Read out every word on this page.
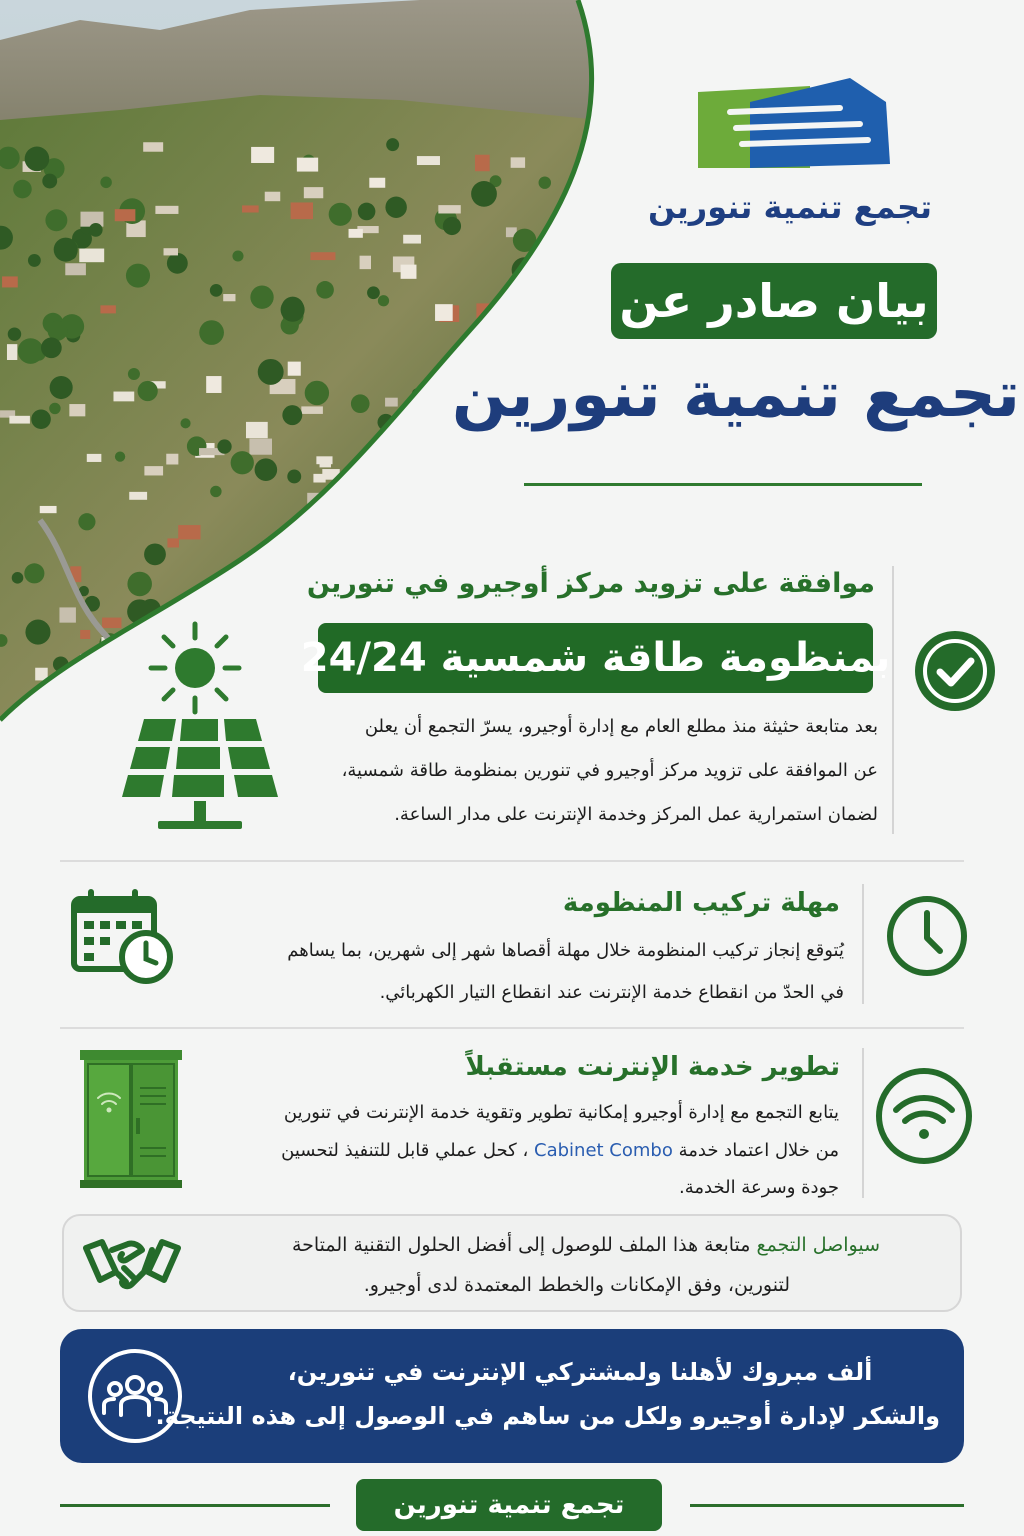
تجمع تنمية تنورين
بيان صادر عن
تجمع تنمية تنورين
موافقة على تزويد مركز أوجيرو في تنورين
بمنظومة طاقة شمسية 24/24
بعد متابعة حثيثة منذ مطلع العام مع إدارة أوجيرو، يسرّ التجمع أن يعلن
عن الموافقة على تزويد مركز أوجيرو في تنورين بمنظومة طاقة شمسية،
لضمان استمرارية عمل المركز وخدمة الإنترنت على مدار الساعة.
مهلة تركيب المنظومة
يُتوقع إنجاز تركيب المنظومة خلال مهلة أقصاها شهر إلى شهرين، بما يساهم
في الحدّ من انقطاع خدمة الإنترنت عند انقطاع التيار الكهربائي.
تطوير خدمة الإنترنت مستقبلاً
يتابع التجمع مع إدارة أوجيرو إمكانية تطوير وتقوية خدمة الإنترنت في تنورين
من خلال اعتماد خدمة Cabinet Combo ، كحل عملي قابل للتنفيذ لتحسين
جودة وسرعة الخدمة.
سيواصل التجمع متابعة هذا الملف للوصول إلى أفضل الحلول التقنية المتاحة
لتنورين، وفق الإمكانات والخطط المعتمدة لدى أوجيرو.
ألف مبروك لأهلنا ولمشتركي الإنترنت في تنورين،
والشكر لإدارة أوجيرو ولكل من ساهم في الوصول إلى هذه النتيجة.
تجمع تنمية تنورين
